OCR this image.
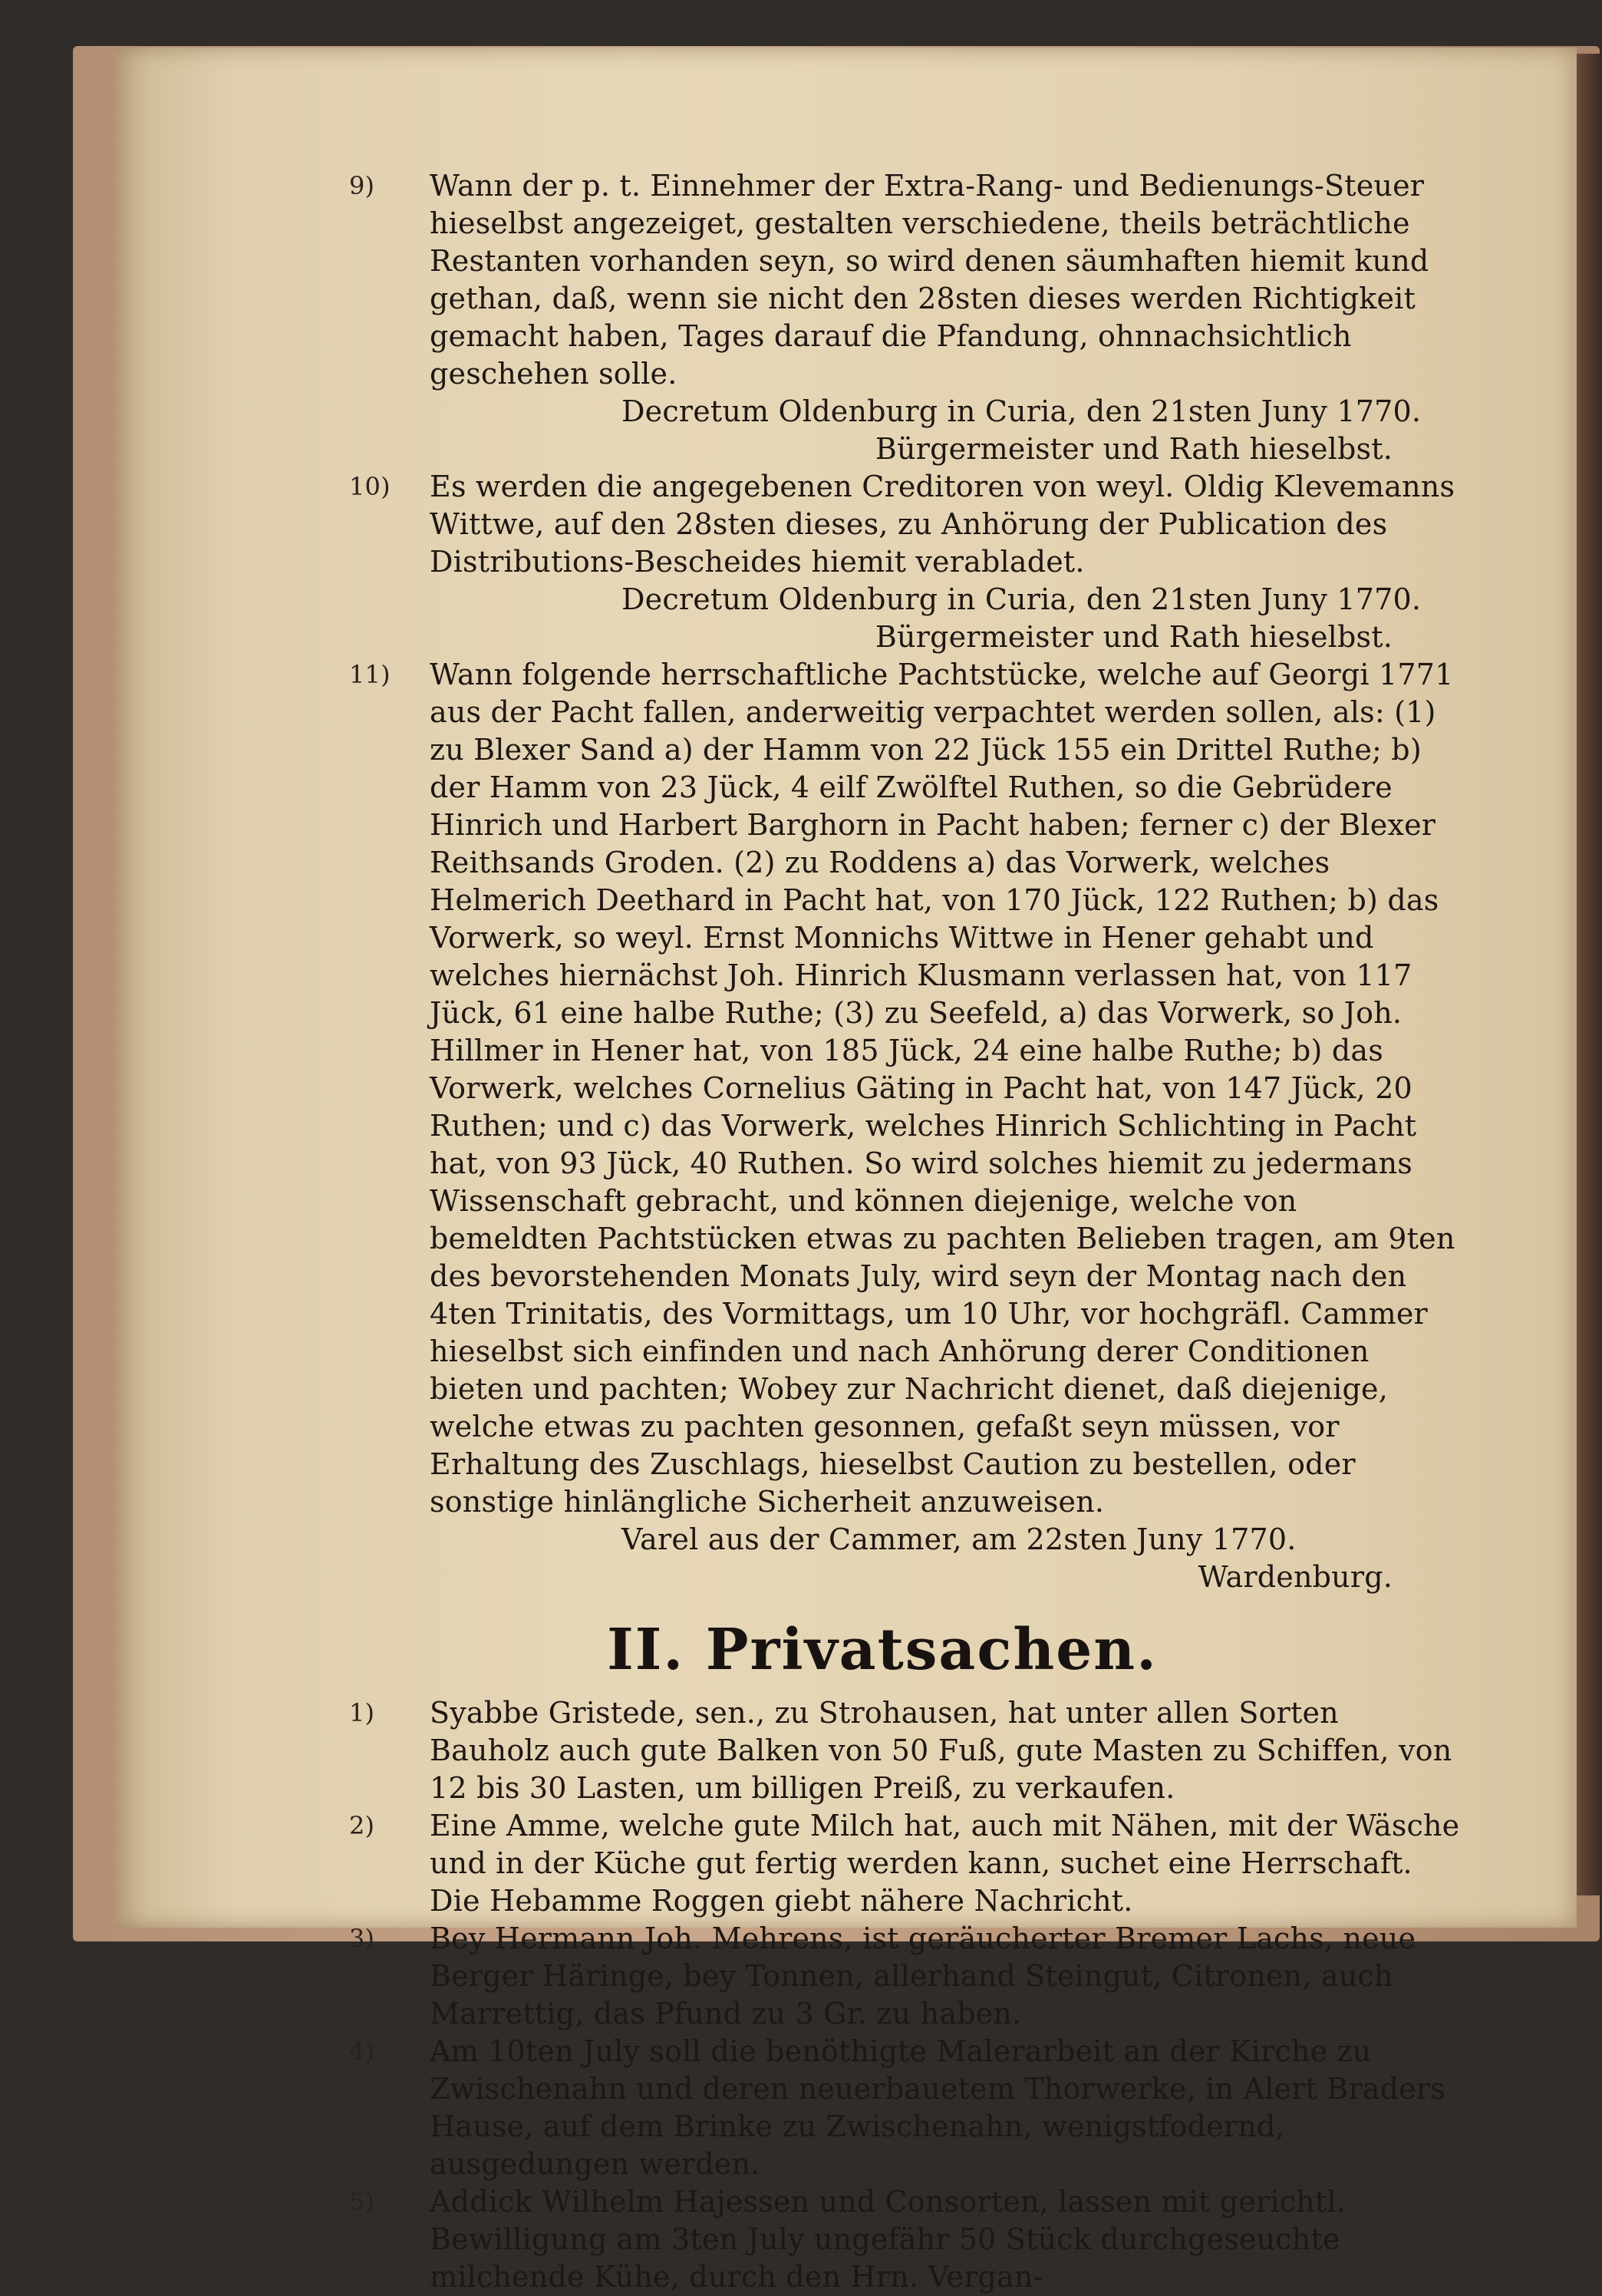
9)	Wann der p. t. Einnehmer der Extra-Rang- und Bedienungs-Steuer hieselbst angezeiget, gestalten verschiedene, theils beträchtliche Restanten vorhanden seyn, so wird denen säumhaften hiemit kund gethan, daß, wenn sie nicht den 28sten dieses werden Richtigkeit gemacht haben, Tages darauf die Pfandung, ohnnachsichtlich geschehen solle.
Decretum Oldenburg in Curia, den 21sten Juny 1770.
Bürgermeister und Rath hieselbst.
10)	Es werden die angegebenen Creditoren von weyl. Oldig Klevemanns Wittwe, auf den 28sten dieses, zu Anhörung der Publication des Distributions-Bescheides hiemit verabladet.
Decretum Oldenburg in Curia, den 21sten Juny 1770.
Bürgermeister und Rath hieselbst.
11)	Wann folgende herrschaftliche Pachtstücke, welche auf Georgi 1771 aus der Pacht fallen, anderweitig verpachtet werden sollen, als: (1) zu Blexer Sand a) der Hamm von 22 Jück 155 ein Drittel Ruthe; b) der Hamm von 23 Jück, 4 eilf Zwölftel Ruthen, so die Gebrüdere Hinrich und Harbert Barghorn in Pacht haben; ferner c) der Blexer Reithsands Groden. (2) zu Roddens a) das Vorwerk, welches Helmerich Deethard in Pacht hat, von 170 Jück, 122 Ruthen; b) das Vorwerk, so weyl. Ernst Monnichs Wittwe in Hener gehabt und welches hiernächst Joh. Hinrich Klusmann verlassen hat, von 117 Jück, 61 eine halbe Ruthe; (3) zu Seefeld, a) das Vorwerk, so Joh. Hillmer in Hener hat, von 185 Jück, 24 eine halbe Ruthe; b) das Vorwerk, welches Cornelius Gäting in Pacht hat, von 147 Jück, 20 Ruthen; und c) das Vorwerk, welches Hinrich Schlichting in Pacht hat, von 93 Jück, 40 Ruthen. So wird solches hiemit zu jedermans Wissenschaft gebracht, und können diejenige, welche von bemeldten Pachtstücken etwas zu pachten Belieben tragen, am 9ten des bevorstehenden Monats July, wird seyn der Montag nach den 4ten Trinitatis, des Vormittags, um 10 Uhr, vor hochgräfl. Cammer hieselbst sich einfinden und nach Anhörung derer Conditionen bieten und pachten; Wobey zur Nachricht dienet, daß diejenige, welche etwas zu pachten gesonnen, gefaßt seyn müssen, vor Erhaltung des Zuschlags, hieselbst Caution zu bestellen, oder sonstige hinlängliche Sicherheit anzuweisen.
Varel aus der Cammer, am 22sten Juny 1770.
Wardenburg.
II. Privatsachen.
1)	Syabbe Gristede, sen., zu Strohausen, hat unter allen Sorten Bauholz auch gute Balken von 50 Fuß, gute Masten zu Schiffen, von 12 bis 30 Lasten, um billigen Preiß, zu verkaufen.
2)	Eine Amme, welche gute Milch hat, auch mit Nähen, mit der Wäsche und in der Küche gut fertig werden kann, suchet eine Herrschaft. Die Hebamme Roggen giebt nähere Nachricht.
3)	Bey Hermann Joh. Mehrens, ist geräucherter Bremer Lachs, neue Berger Häringe, bey Tonnen, allerhand Steingut, Citronen, auch Marrettig, das Pfund zu 3 Gr. zu haben.
4)	Am 10ten July soll die benöthigte Malerarbeit an der Kirche zu Zwischenahn und deren neuerbauetem Thorwerke, in Alert Braders Hause, auf dem Brinke zu Zwischenahn, wenigstfodernd, ausgedungen werden.
5)	Addick Wilhelm Hajessen und Consorten, lassen mit gerichtl. Bewilligung am 3ten July ungefähr 50 Stück durchgeseuchte milchende Kühe, durch den Hrn. Vergan-
